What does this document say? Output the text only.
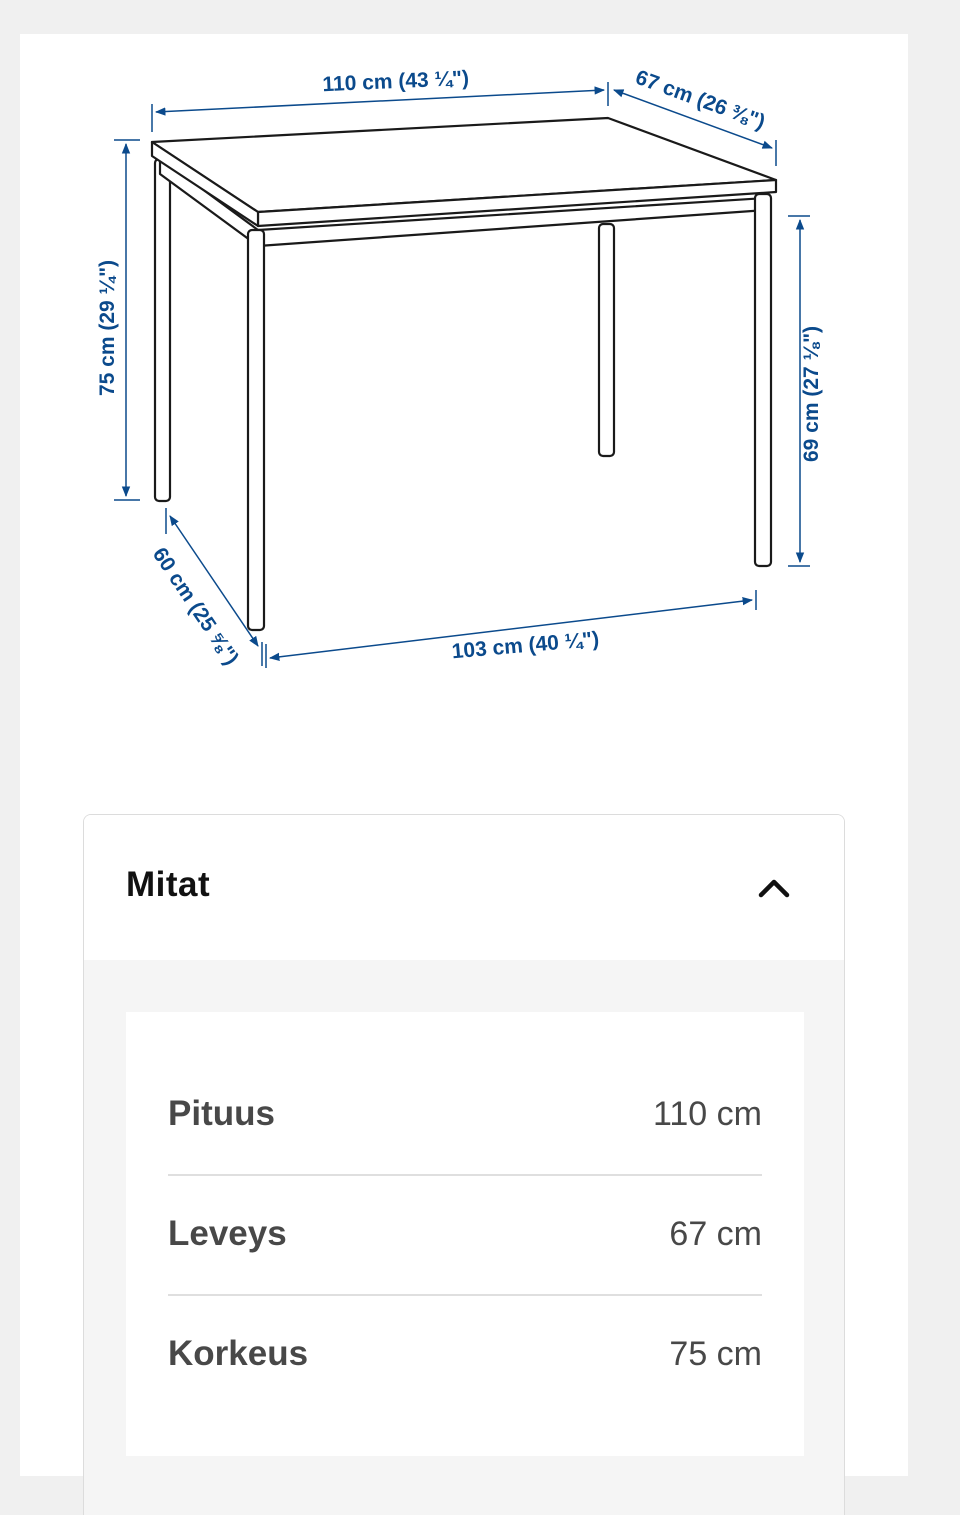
110 cm (43 ¼")	67 cm (26 ⅜")
75 cm (29 ¼")	69 cm (27 ⅛")
60 cm (25 ⅝")	103 cm (40 ¼")
Mitat
Pituus	110 cm
Leveys	67 cm
Korkeus	75 cm
